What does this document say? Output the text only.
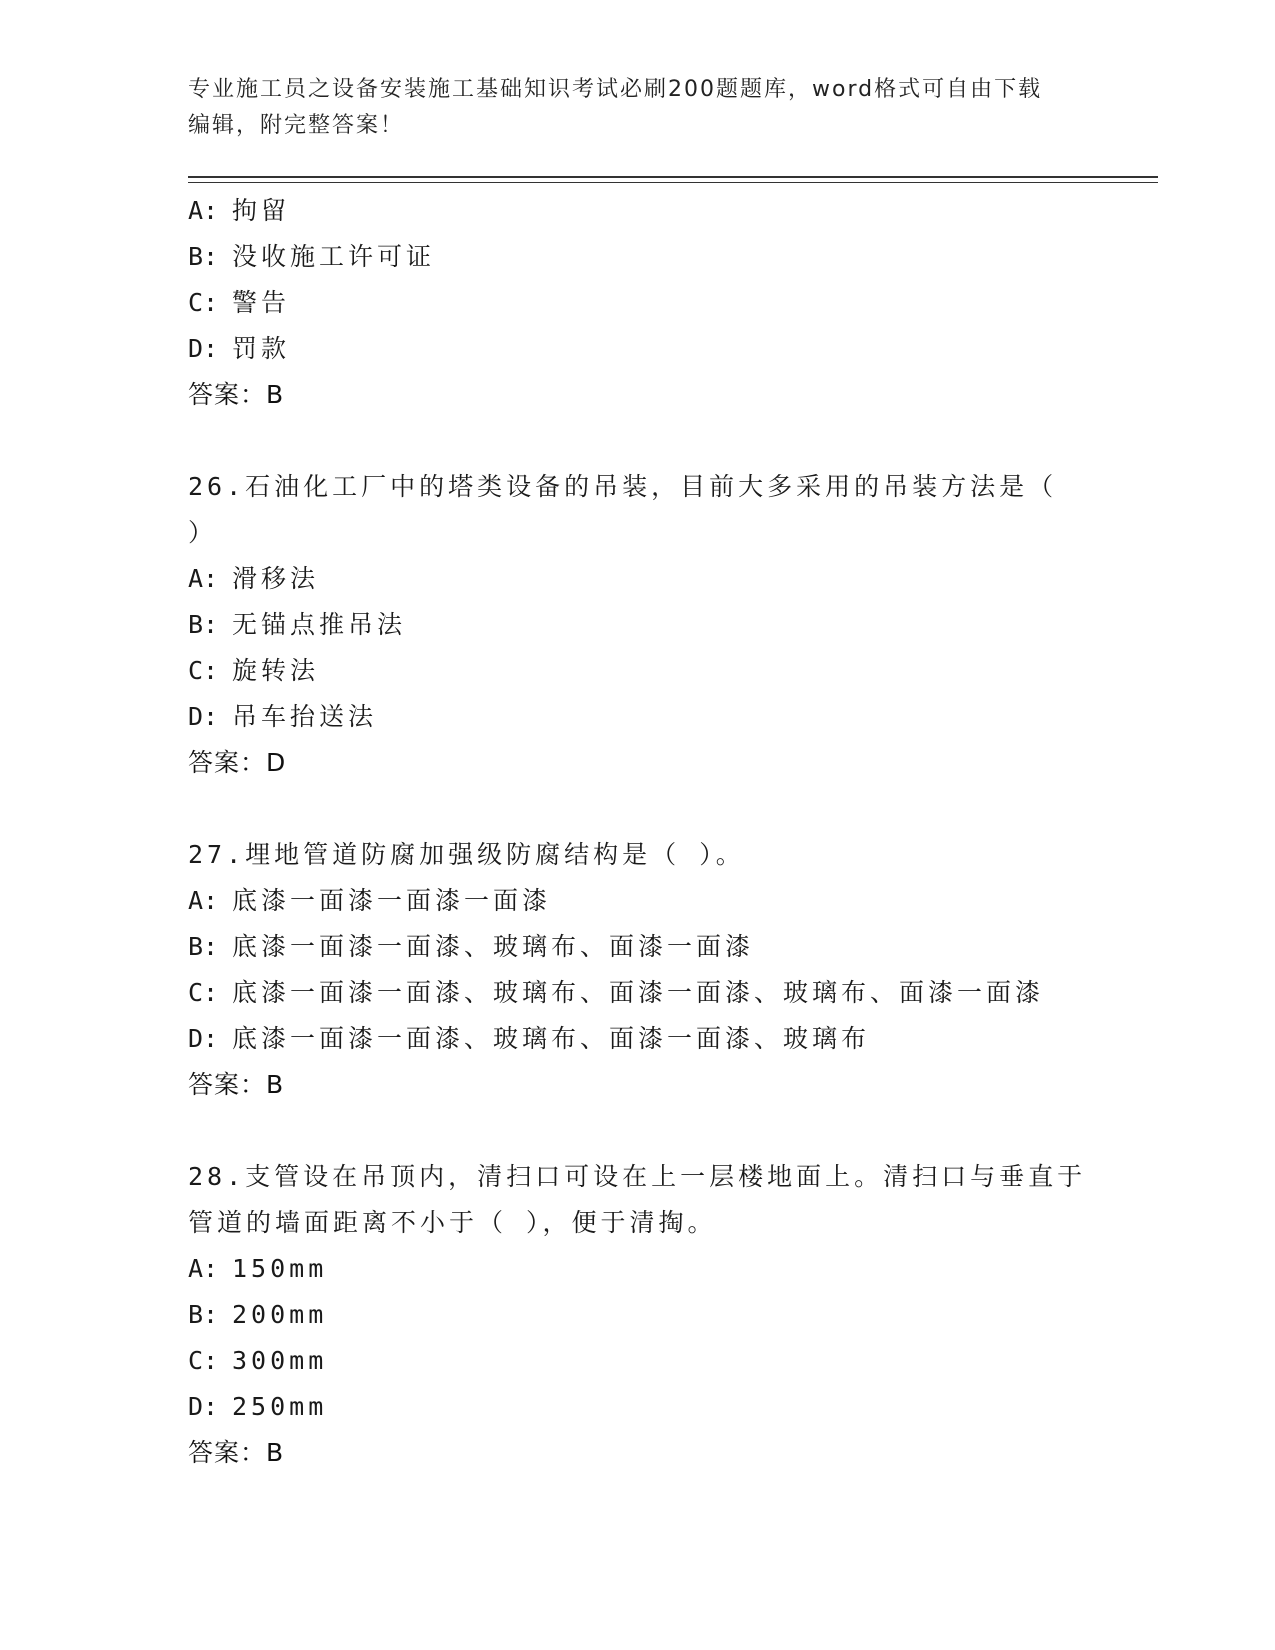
专业施工员之设备安装施工基础知识考试必刷200题题库，word格式可自由下载
编辑，附完整答案！
A: 拘留
B: 没收施工许可证
C: 警告
D: 罚款
答案：B
26.石油化工厂中的塔类设备的吊装，目前大多采用的吊装方法是（
）
A: 滑移法
B: 无锚点推吊法
C: 旋转法
D: 吊车抬送法
答案：D
27.埋地管道防腐加强级防腐结构是（ ）。
A: 底漆一面漆一面漆一面漆
B: 底漆一面漆一面漆、玻璃布、面漆一面漆
C: 底漆一面漆一面漆、玻璃布、面漆一面漆、玻璃布、面漆一面漆
D: 底漆一面漆一面漆、玻璃布、面漆一面漆、玻璃布
答案：B
28.支管设在吊顶内，清扫口可设在上一层楼地面上。清扫口与垂直于
管道的墙面距离不小于（ ），便于清掏。
A: 150mm
B: 200mm
C: 300mm
D: 250mm
答案：B
